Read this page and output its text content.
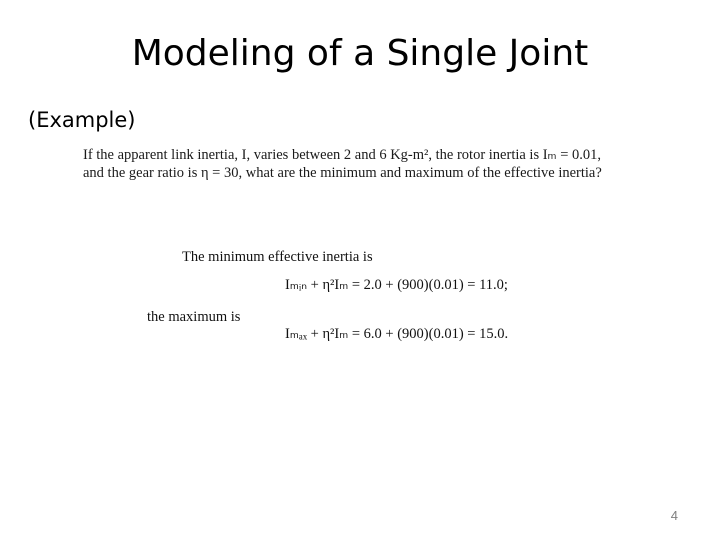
Modeling of a Single Joint
(Example)

If the apparent link inertia, I, varies between 2 and 6 Kg-m², the rotor inertia is Iₘ = 0.01, and the gear ratio is η = 30, what are the minimum and maximum of the effective inertia?

The minimum effective inertia is
Iₘᵢₙ + η²Iₘ = 2.0 + (900)(0.01) = 11.0;
the maximum is
Iₘₐₓ + η²Iₘ = 6.0 + (900)(0.01) = 15.0.
4
